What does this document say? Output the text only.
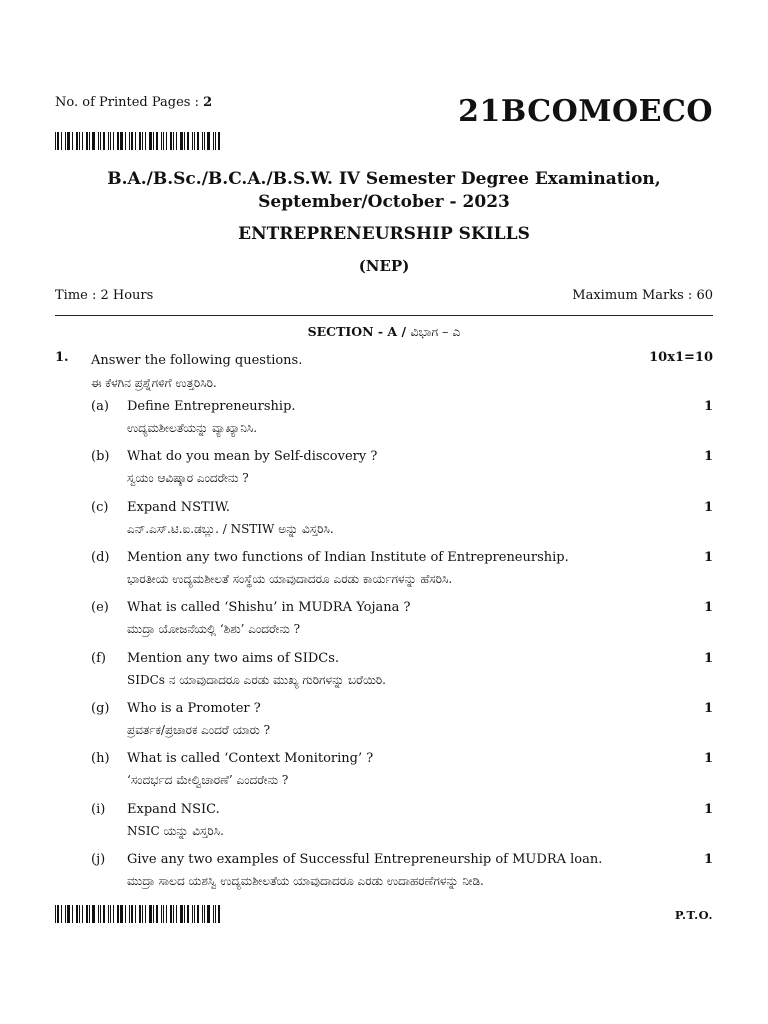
No. of Printed Pages : 2	21BCOMOECO
B.A./B.Sc./B.C.A./B.S.W. IV Semester Degree Examination,
September/October - 2023
ENTREPRENEURSHIP SKILLS
(NEP)
Time : 2 Hours	Maximum Marks : 60
SECTION - A / ವಿಭಾಗ – ಎ
1. Answer the following questions.
ಈ ಕೆಳಗಿನ ಪ್ರಶ್ನೆಗಳಿಗೆ ಉತ್ತರಿಸಿರಿ.
10x1=10
(a) Define Entrepreneurship.
ಉದ್ಯಮಶೀಲತೆಯನ್ನು ವ್ಯಾಖ್ಯಾನಿಸಿ.
1
(b) What do you mean by Self-discovery ?
ಸ್ವಯಂ ಆವಿಷ್ಕಾರ ಎಂದರೇನು ?
1
(c) Expand NSTIW.
ಎನ್.ಎಸ್.ಟಿ.ಐ.ಡಬ್ಲು. / NSTIW ಅನ್ನು ವಿಸ್ತರಿಸಿ.
1
(d) Mention any two functions of Indian Institute of Entrepreneurship.
ಭಾರತೀಯ ಉದ್ಯಮಶೀಲತೆ ಸಂಸ್ಥೆಯ ಯಾವುದಾದರೂ ಎರಡು ಕಾರ್ಯಗಳನ್ನು ಹೆಸರಿಸಿ.
1
(e) What is called ‘Shishu’ in MUDRA Yojana ?
ಮುದ್ರಾ ಯೋಜನೆಯಲ್ಲಿ ‘ಶಿಶು’ ಎಂದರೇನು ?
1
(f) Mention any two aims of SIDCs.
SIDCs ನ ಯಾವುದಾದರೂ ಎರಡು ಮುಖ್ಯ ಗುರಿಗಳನ್ನು ಬರೆಯಿರಿ.
1
(g) Who is a Promoter ?
ಪ್ರವರ್ತಕ/ಪ್ರಚಾರಕ ಎಂದರೆ ಯಾರು ?
1
(h) What is called ‘Context Monitoring’ ?
‘ಸಂದರ್ಭದ ಮೇಲ್ವಿಚಾರಣೆ’ ಎಂದರೇನು ?
1
(i) Expand NSIC.
NSIC ಯನ್ನು ವಿಸ್ತರಿಸಿ.
1
(j) Give any two examples of Successful Entrepreneurship of MUDRA loan.
ಮುದ್ರಾ ಸಾಲದ ಯಶಸ್ವಿ ಉದ್ಯಮಶೀಲತೆಯ ಯಾವುದಾದರೂ ಎರಡು ಉದಾಹರಣೆಗಳನ್ನು ನೀಡಿ.
1
P.T.O.
